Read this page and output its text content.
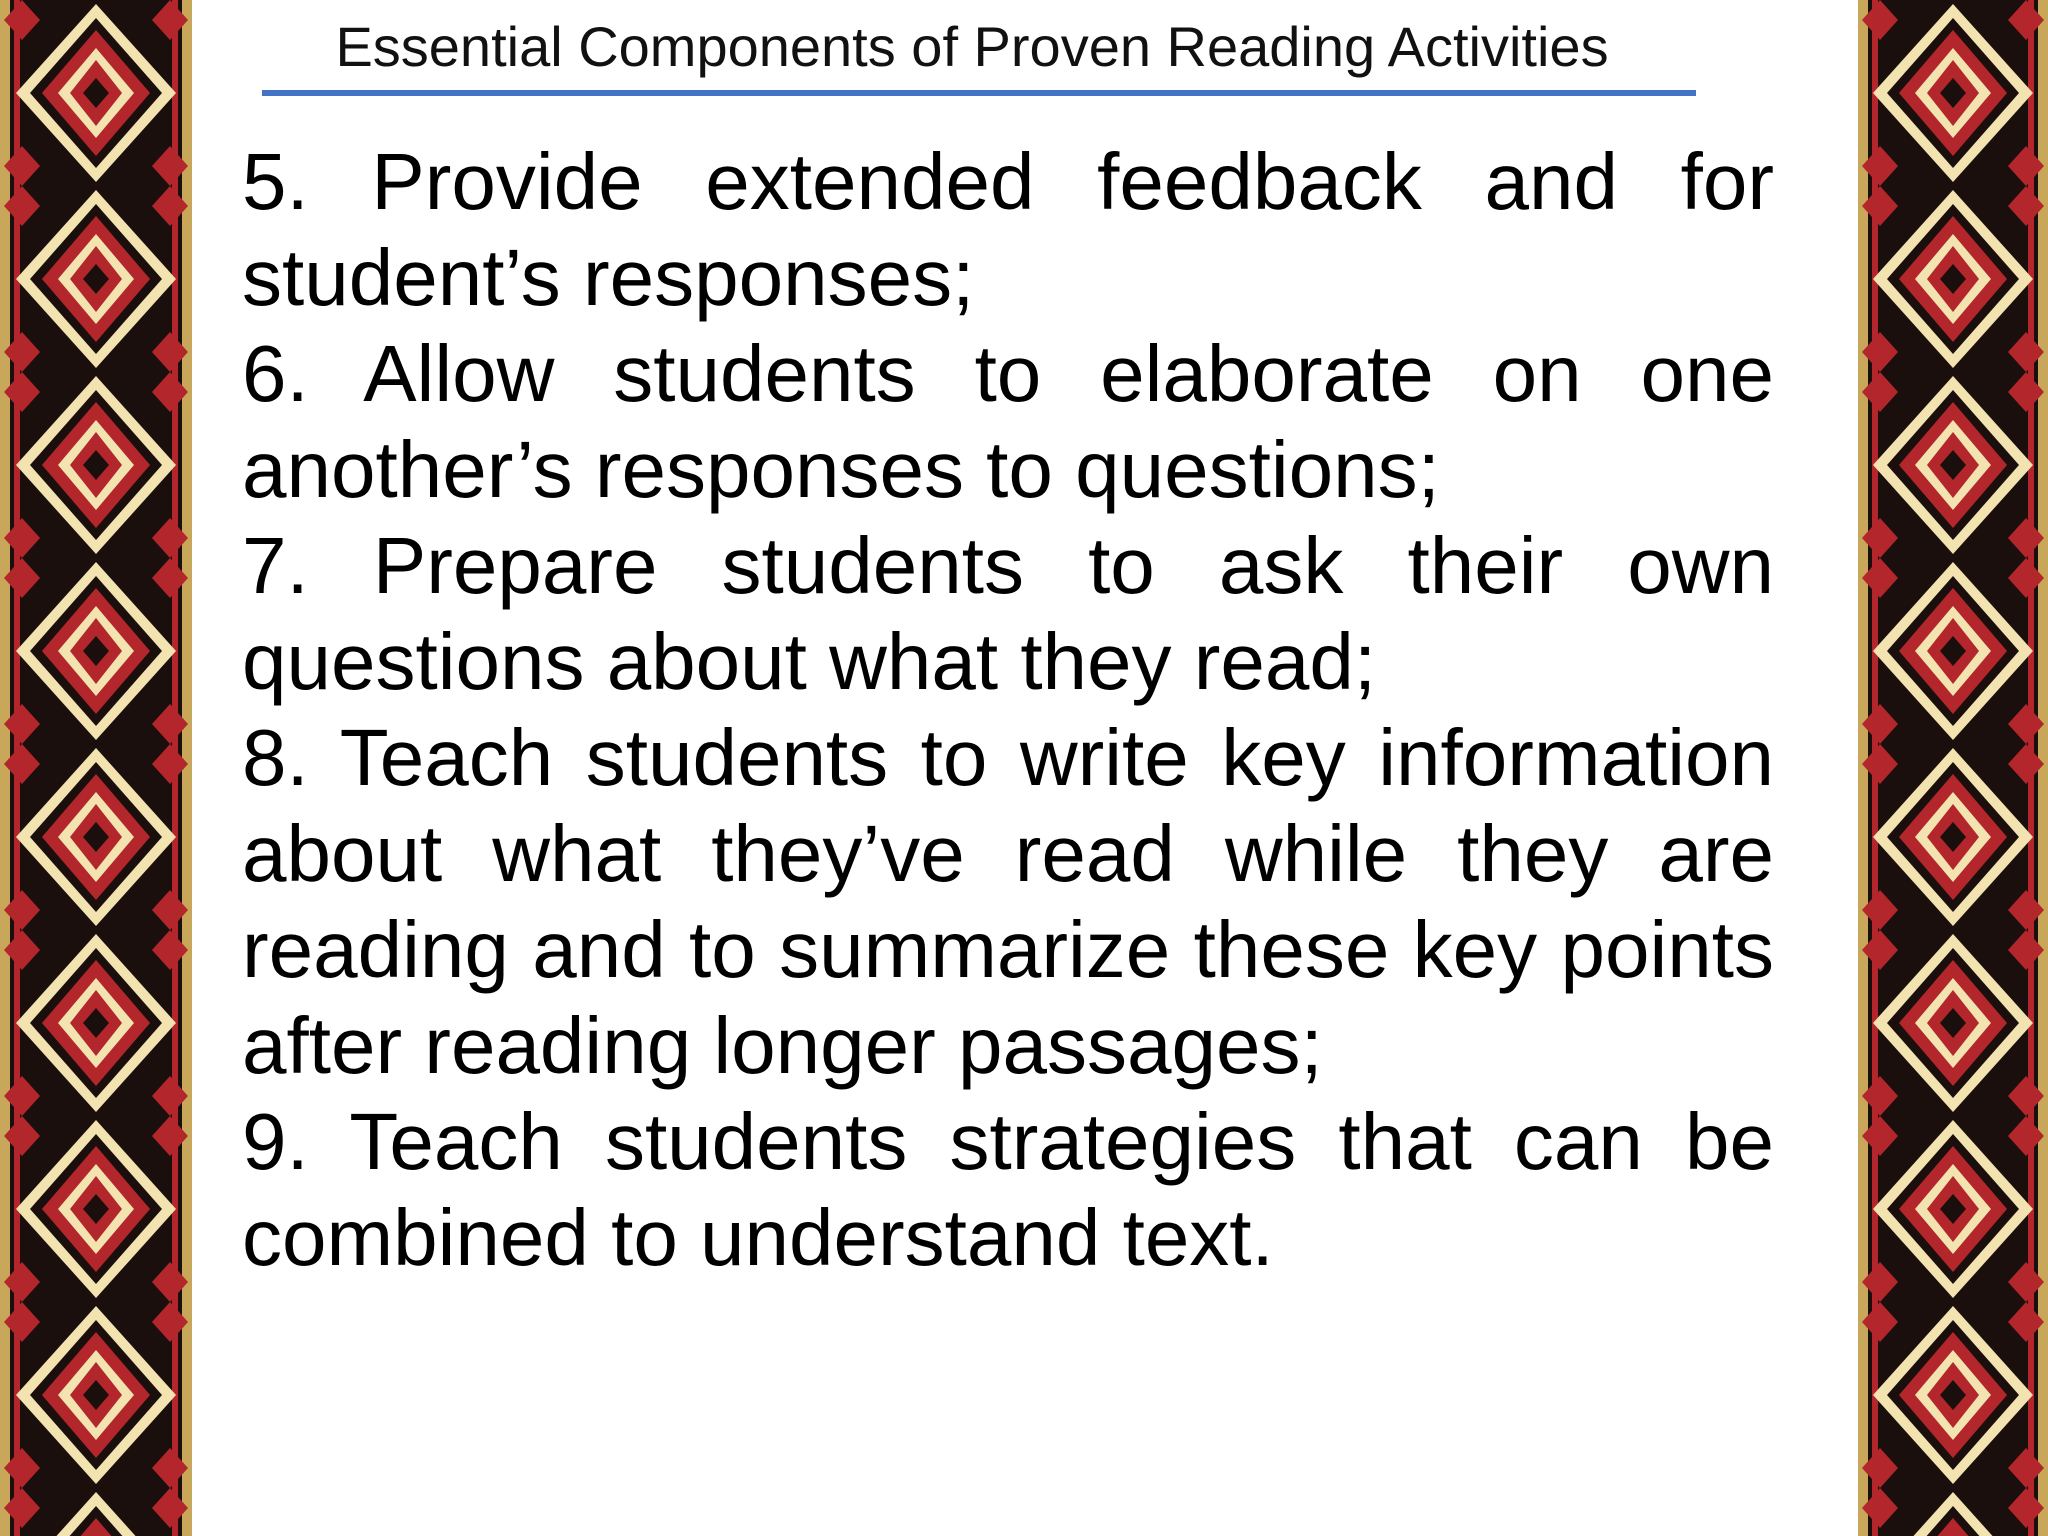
Essential Components of Proven Reading Activities

5. Provide extended feedback and for student’s responses;

6. Allow students to elaborate on one another’s responses to questions;

7. Prepare students to ask their own questions about what they read;

8. Teach students to write key information about what they’ve read while they are reading and to summarize these key points after reading longer passages;

9. Teach students strategies that can be combined to understand text.
